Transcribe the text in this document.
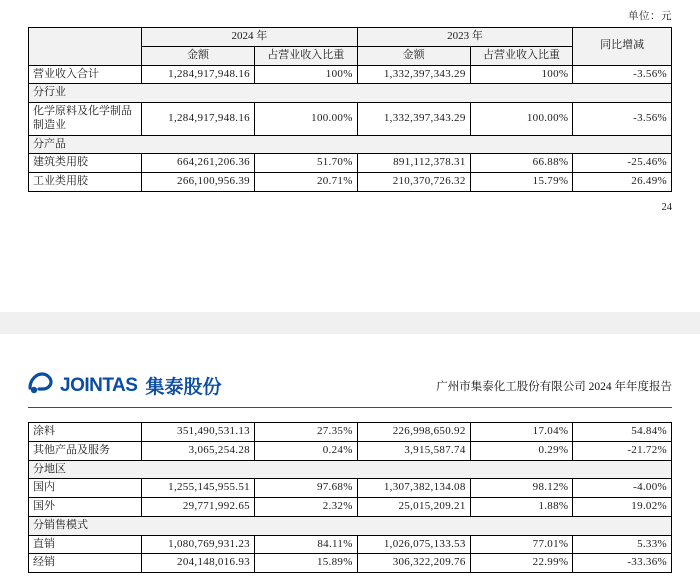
单位：元
	2024 年		2023 年		同比增减
	金额	占营业收入比重	金额	占营业收入比重	
营业收入合计	1,284,917,948.16	100%	1,332,397,343.29	100%	-3.56%
分行业					
化学原料及化学制品制造业	1,284,917,948.16	100.00%	1,332,397,343.29	100.00%	-3.56%
分产品					
建筑类用胶	664,261,206.36	51.70%	891,112,378.31	66.88%	-25.46%
工业类用胶	266,100,956.39	20.71%	210,370,726.32	15.79%	26.49%
24
JOINTAS 集泰股份	广州市集泰化工股份有限公司 2024 年年度报告
涂料	351,490,531.13	27.35%	226,998,650.92	17.04%	54.84%
其他产品及服务	3,065,254.28	0.24%	3,915,587.74	0.29%	-21.72%
分地区					
国内	1,255,145,955.51	97.68%	1,307,382,134.08	98.12%	-4.00%
国外	29,771,992.65	2.32%	25,015,209.21	1.88%	19.02%
分销售模式					
直销	1,080,769,931.23	84.11%	1,026,075,133.53	77.01%	5.33%
经销	204,148,016.93	15.89%	306,322,209.76	22.99%	-33.36%
